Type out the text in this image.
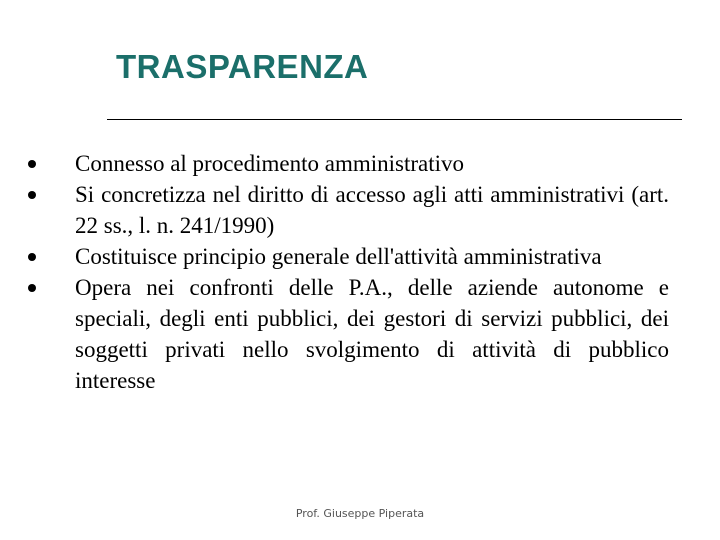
TRASPARENZA
Connesso al procedimento amministrativo
Si concretizza nel diritto di accesso agli atti amministrativi (art. 22 ss., l. n. 241/1990)
Costituisce principio generale dell'attività amministrativa
Opera nei confronti delle P.A., delle aziende autonome e speciali, degli enti pubblici, dei gestori di servizi pubblici, dei soggetti privati nello svolgimento di attività di pubblico interesse
Prof. Giuseppe Piperata
